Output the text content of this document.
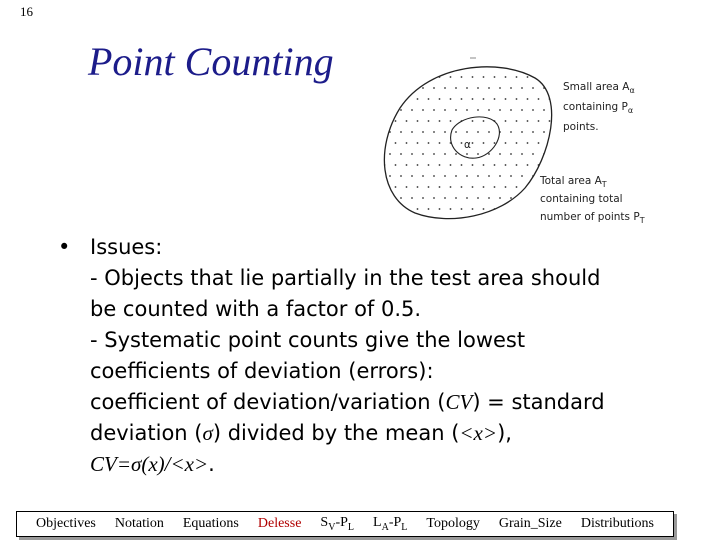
16
Point Counting
α
Small area $A_\alpha$
containing $P_\alpha$
points.
Total area $A_T$
containing total
number of points $P_T$
• Issues:
- Objects that lie partially in the test area should
be counted with a factor of 0.5.
- Systematic point counts give the lowest
coefficients of deviation (errors):
coefficient of deviation/variation (CV) = standard
deviation (σ) divided by the mean (<x>),
CV=σ(x)/<x>.
Objectives Notation Equations Delesse $S_V-P_L$ $L_A-P_L$ Topology Grain_Size Distributions
